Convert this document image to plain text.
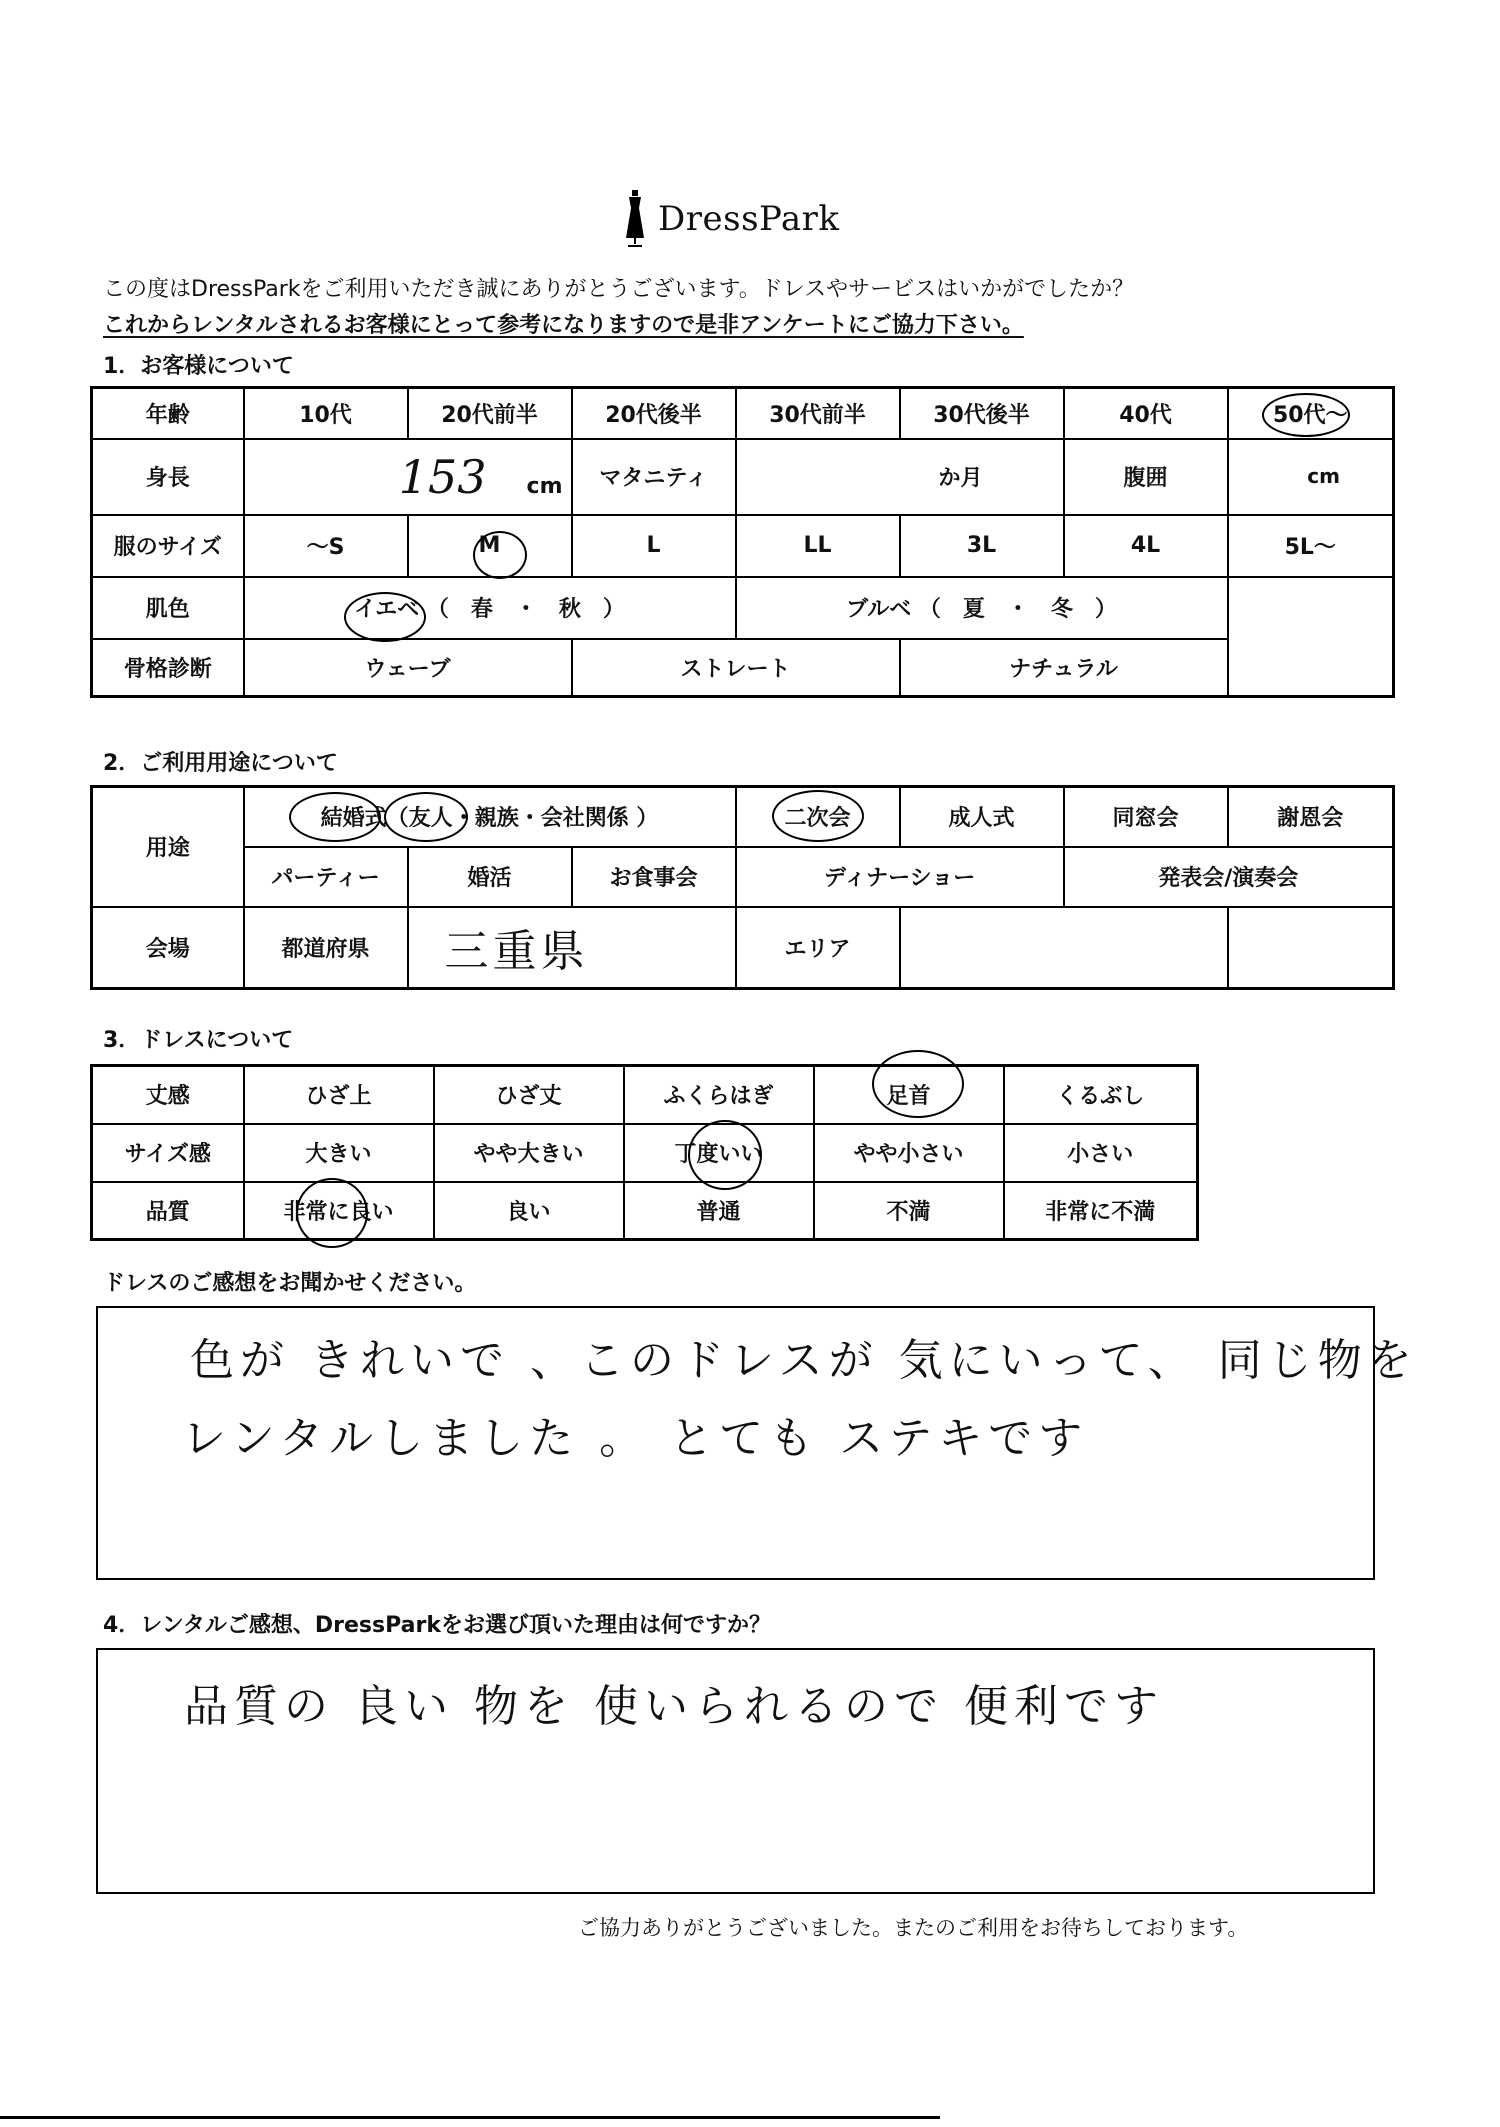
DressPark
この度はDressParkをご利用いただき誠にありがとうございます。ドレスやサービスはいかがでしたか？
これからレンタルされるお客様にとって参考になりますので是非アンケートにご協力下さい。
1．お客様について
年齢	10代	20代前半	20代後半	30代前半	30代後半	40代	50代～
身長	153 cm		マタニティ	か月		腹囲	cm
服のサイズ	～S	M	L	LL	3L	4L	5L～
肌色	イエベ （　春　・　秋　）			ブルベ （　夏　・　冬　）			
骨格診断	ウェーブ		ストレート		ナチュラル		
2．ご利用用途について
用途	結婚式（友人・親族・会社関係 ）			二次会	成人式	同窓会	謝恩会
	パーティー	婚活	お食事会	ディナーショー		発表会/演奏会	
会場	都道府県	三重県		エリア			
3．ドレスについて
丈感	ひざ上	ひざ丈	ふくらはぎ	足首	くるぶし
サイズ感	大きい	やや大きい	丁度いい	やや小さい	小さい
品質	非常に良い	良い	普通	不満	非常に不満
ドレスのご感想をお聞かせください。
色が きれいで 、このドレスが 気にいって、 同じ物を
レンタルしました 。 とても ステキです
4．レンタルご感想、DressParkをお選び頂いた理由は何ですか？
品質の 良い 物を 使いられるので 便利です
ご協力ありがとうございました。またのご利用をお待ちしております。
